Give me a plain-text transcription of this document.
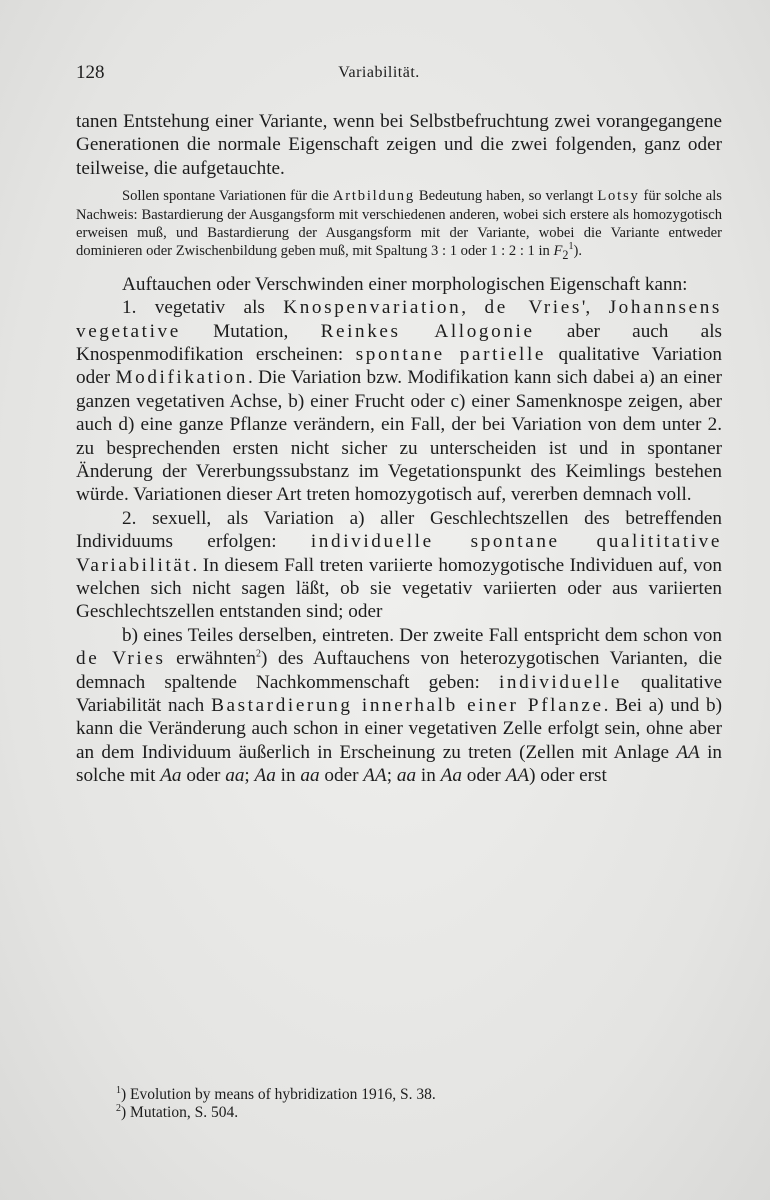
128	Variabilität.

tanen Entstehung einer Variante, wenn bei Selbstbefruchtung zwei vorangegangene Generationen die normale Eigenschaft zeigen und die zwei folgenden, ganz oder teilweise, die aufgetauchte.

Sollen spontane Variationen für die Artbildung Bedeutung haben, so verlangt Lotsy für solche als Nachweis: Bastardierung der Ausgangsform mit verschiedenen anderen, wobei sich erstere als homozygotisch erweisen muß, und Bastardierung der Ausgangsform mit der Variante, wobei die Variante entweder dominieren oder Zwischenbildung geben muß, mit Spaltung 3 : 1 oder 1 : 2 : 1 in $F_2^1$).

Auftauchen oder Verschwinden einer morphologischen Eigenschaft kann:

1. vegetativ als Knospenvariation, de Vries', Johannsens vegetative Mutation, Reinkes Allogonie aber auch als Knospenmodifikation erscheinen: spontane partielle qualitative Variation oder Modifikation. Die Variation bzw. Modifikation kann sich dabei a) an einer ganzen vegetativen Achse, b) einer Frucht oder c) einer Samenknospe zeigen, aber auch d) eine ganze Pflanze verändern, ein Fall, der bei Variation von dem unter 2. zu besprechenden ersten nicht sicher zu unterscheiden ist und in spontaner Änderung der Vererbungssubstanz im Vegetationspunkt des Keimlings bestehen würde. Variationen dieser Art treten homozygotisch auf, vererben demnach voll.

2. sexuell, als Variation a) aller Geschlechtszellen des betreffenden Individuums erfolgen: individuelle spontane qualititative Variabilität. In diesem Fall treten variierte homozygotische Individuen auf, von welchen sich nicht sagen läßt, ob sie vegetativ variierten oder aus variierten Geschlechtszellen entstanden sind; oder

b) eines Teiles derselben, eintreten. Der zweite Fall entspricht dem schon von de Vries erwähnten$^2$) des Auftauchens von heterozygotischen Varianten, die demnach spaltende Nachkommenschaft geben: individuelle qualitative Variabilität nach Bastardierung innerhalb einer Pflanze. Bei a) und b) kann die Veränderung auch schon in einer vegetativen Zelle erfolgt sein, ohne aber an dem Individuum äußerlich in Erscheinung zu treten (Zellen mit Anlage AA in solche mit Aa oder aa; Aa in aa oder AA; aa in Aa oder AA) oder erst

$^1$) Evolution by means of hybridization 1916, S. 38.
$^2$) Mutation, S. 504.
